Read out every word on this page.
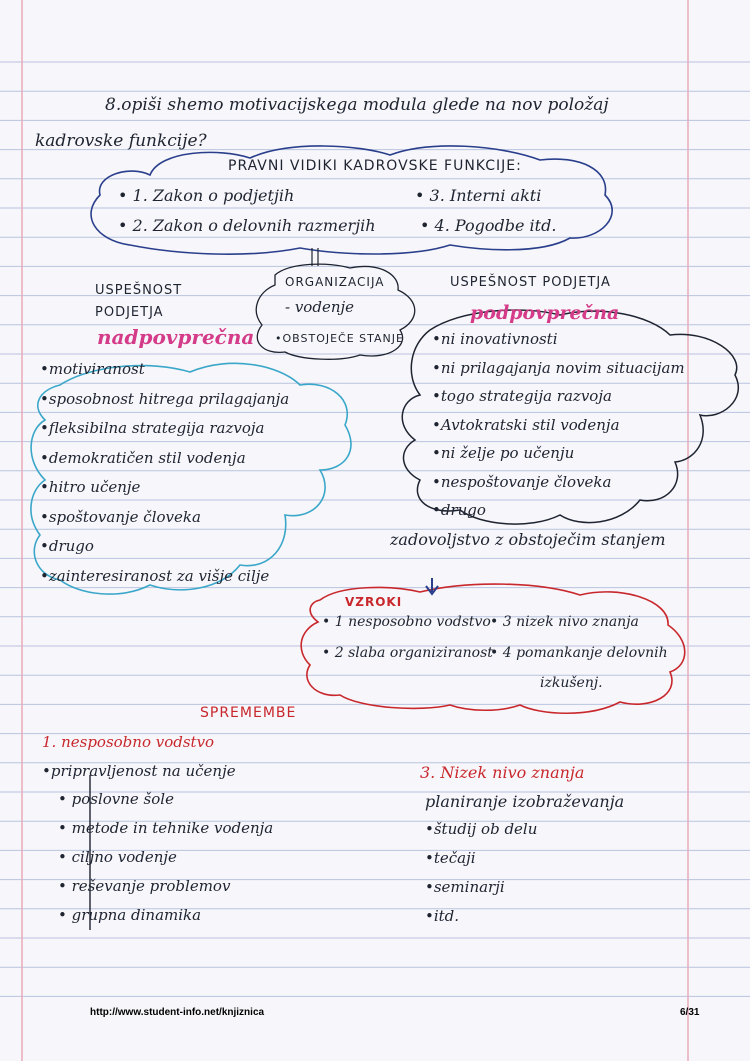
8.opiši shemo motivacijskega modula glede na nov položaj
kadrovske funkcije?
PRAVNI VIDIKI KADROVSKE FUNKCIJE:
• 1. Zakon o podjetjih
• 2. Zakon o delovnih razmerjih
• 3. Interni akti
• 4. Pogodbe itd.
USPEŠNOST
PODJETJA
nadpovprečna
•motiviranost
•sposobnost hitrega prilagajanja
•fleksibilna strategija razvoja
•demokratičen stil vodenja
•hitro učenje
•spoštovanje človeka
•drugo
•zainteresiranost za višje cilje
ORGANIZACIJA
- vodenje
•OBSTOJEČE STANJE
USPEŠNOST PODJETJA
podpovprečna
•ni inovativnosti
•ni prilagajanja novim situacijam
•togo strategija razvoja
•Avtokratski stil vodenja
•ni želje po učenju
•nespoštovanje človeka
•drugo
zadovoljstvo z obstoječim stanjem
VZROKI
• 1 nesposobno vodstvo
• 2 slaba organiziranost
• 3 nizek nivo znanja
• 4 pomankanje delovnih
izkušenj.
SPREMEMBE
1. nesposobno vodstvo
•pripravljenost na učenje
• poslovne šole
• metode in tehnike vodenja
• ciljno vodenje
• reševanje problemov
• grupna dinamika
3. Nizek nivo znanja
planiranje izobraževanja
•študij ob delu
•tečaji
•seminarji
•itd.
http://www.student-info.net/knjiznica	6/31
